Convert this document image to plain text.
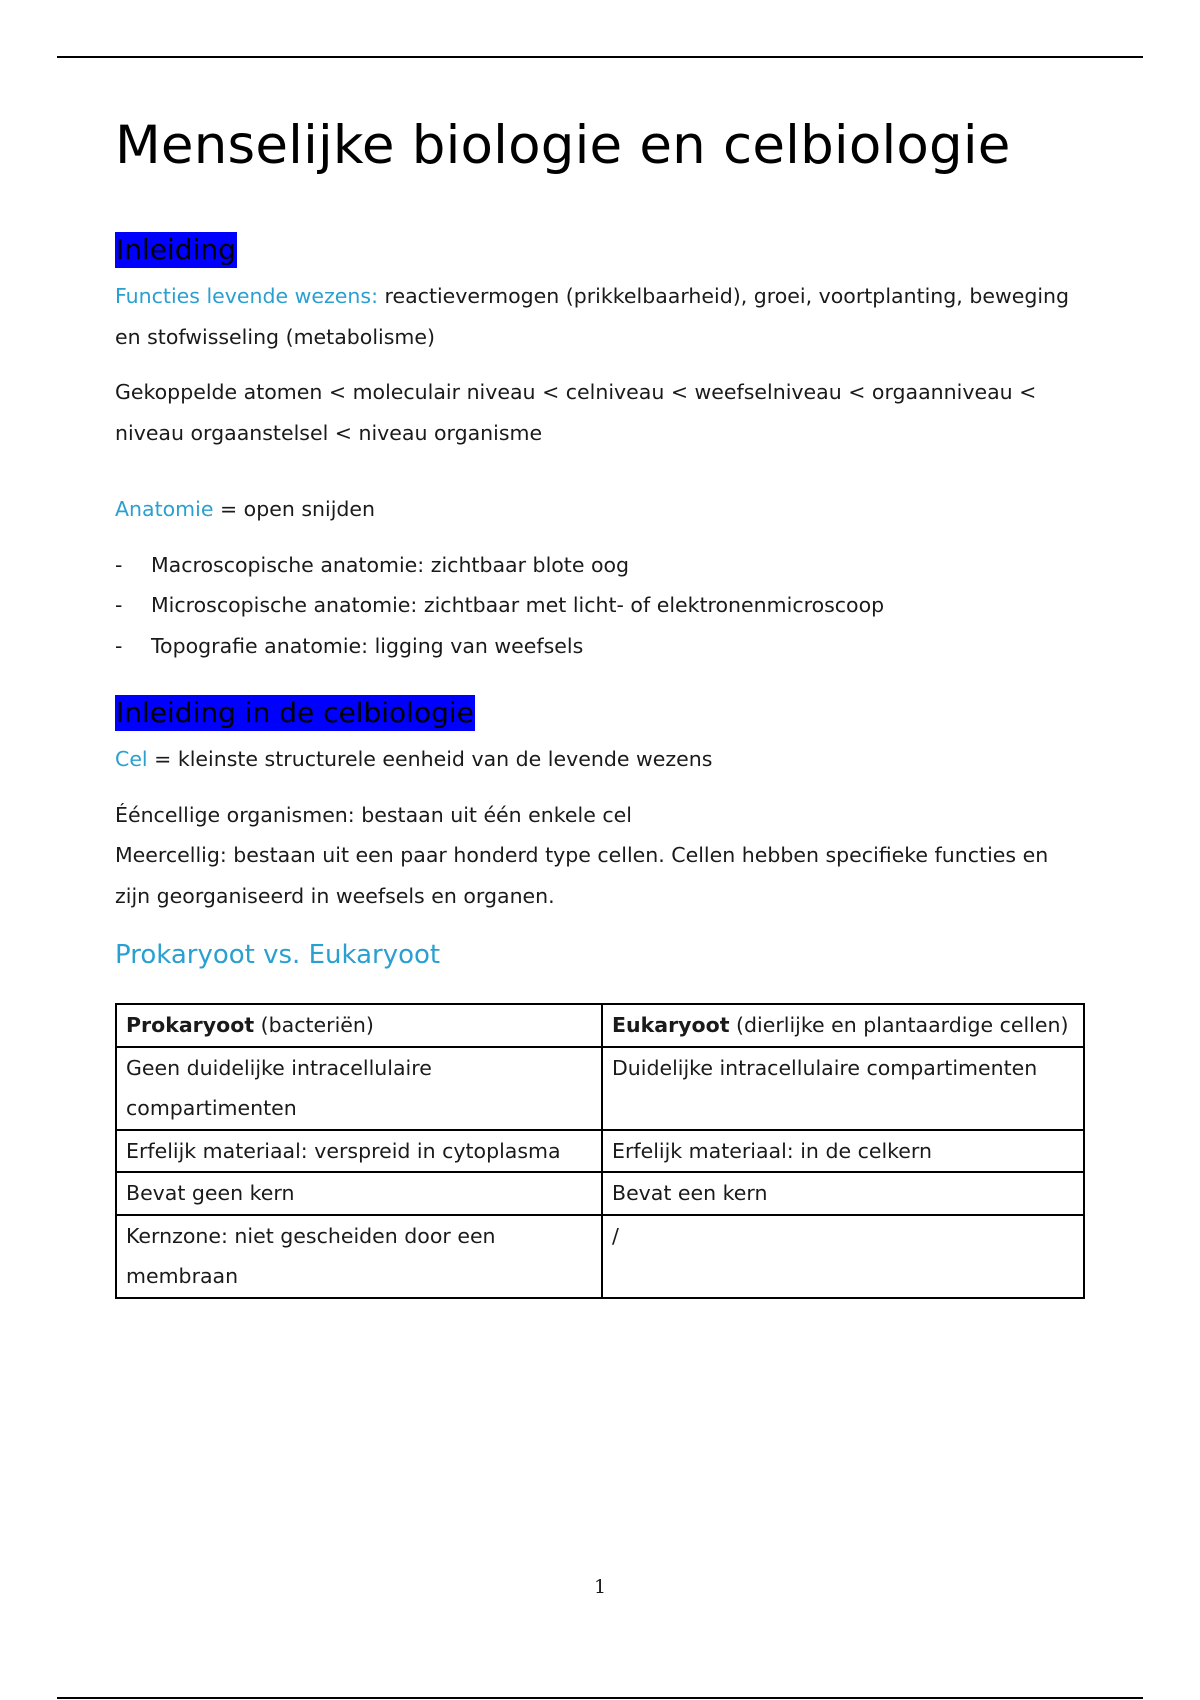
Menselijke biologie en celbiologie
Inleiding

Functies levende wezens: reactievermogen (prikkelbaarheid), groei, voortplanting, beweging en stofwisseling (metabolisme)

Gekoppelde atomen < moleculair niveau < celniveau < weefselniveau < orgaanniveau < niveau orgaanstelsel < niveau organisme

Anatomie = open snijden

- Macroscopische anatomie: zichtbaar blote oog
- Microscopische anatomie: zichtbaar met licht- of elektronenmicroscoop
- Topografie anatomie: ligging van weefsels
Inleiding in de celbiologie

Cel = kleinste structurele eenheid van de levende wezens

Ééncellige organismen: bestaan uit één enkele cel

Meercellig: bestaan uit een paar honderd type cellen. Cellen hebben specifieke functies en zijn georganiseerd in weefsels en organen.

Prokaryoot vs. Eukaryoot
Prokaryoot (bacteriën)	Eukaryoot (dierlijke en plantaardige cellen)
Geen duidelijke intracellulaire compartimenten	Duidelijke intracellulaire compartimenten
Erfelijk materiaal: verspreid in cytoplasma	Erfelijk materiaal: in de celkern
Bevat geen kern	Bevat een kern
Kernzone: niet gescheiden door een membraan	/
1
